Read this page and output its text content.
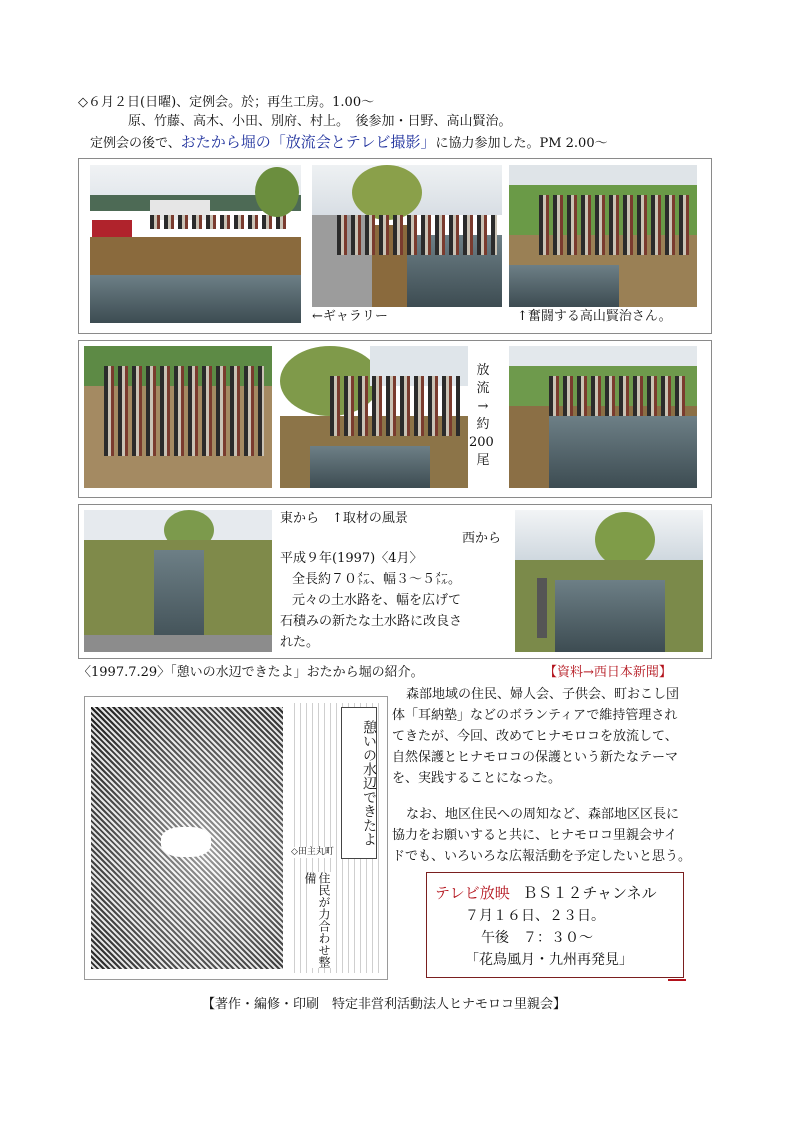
◇６月２日(日曜)、定例会。於；再生工房。1.00～
原、竹藤、高木、小田、別府、村上。　後参加・日野、高山賢治。
定例会の後で、おたから堀の「放流会とテレビ撮影」に協力参加した。PM 2.00～
←ギャラリー	↑奮闘する高山賢治さん。
放
流
→
約
200
尾
東から　↑取材の風景
西から
平成９年(1997)〈4月〉
全長約７０㍍、幅３～５㍍。
元々の土水路を、幅を広げて
石積みの新たな土水路に改良さ
れた。
〈1997.7.29〉「憩いの水辺できたよ」おたから堀の紹介。	【資料→西日本新聞】
憩いの水辺できたよ
◇田主丸町
住民が力合わせ整備
森部地域の住民、婦人会、子供会、町おこし団
体「耳納塾」などのボランティアで維持管理され
てきたが、今回、改めてヒナモロコを放流して、
自然保護とヒナモロコの保護という新たなテーマ
を、実践することになった。
なお、地区住民への周知など、森部地区区長に
協力をお願いすると共に、ヒナモロコ里親会サイ
ドでも、いろいろな広報活動を予定したいと思う。
テレビ放映 ＢＳ１２チャンネル
７月１６日、２３日。
午後　７：３０～
「花鳥風月・九州再発見」
【著作・編修・印刷　特定非営利活動法人ヒナモロコ里親会】
